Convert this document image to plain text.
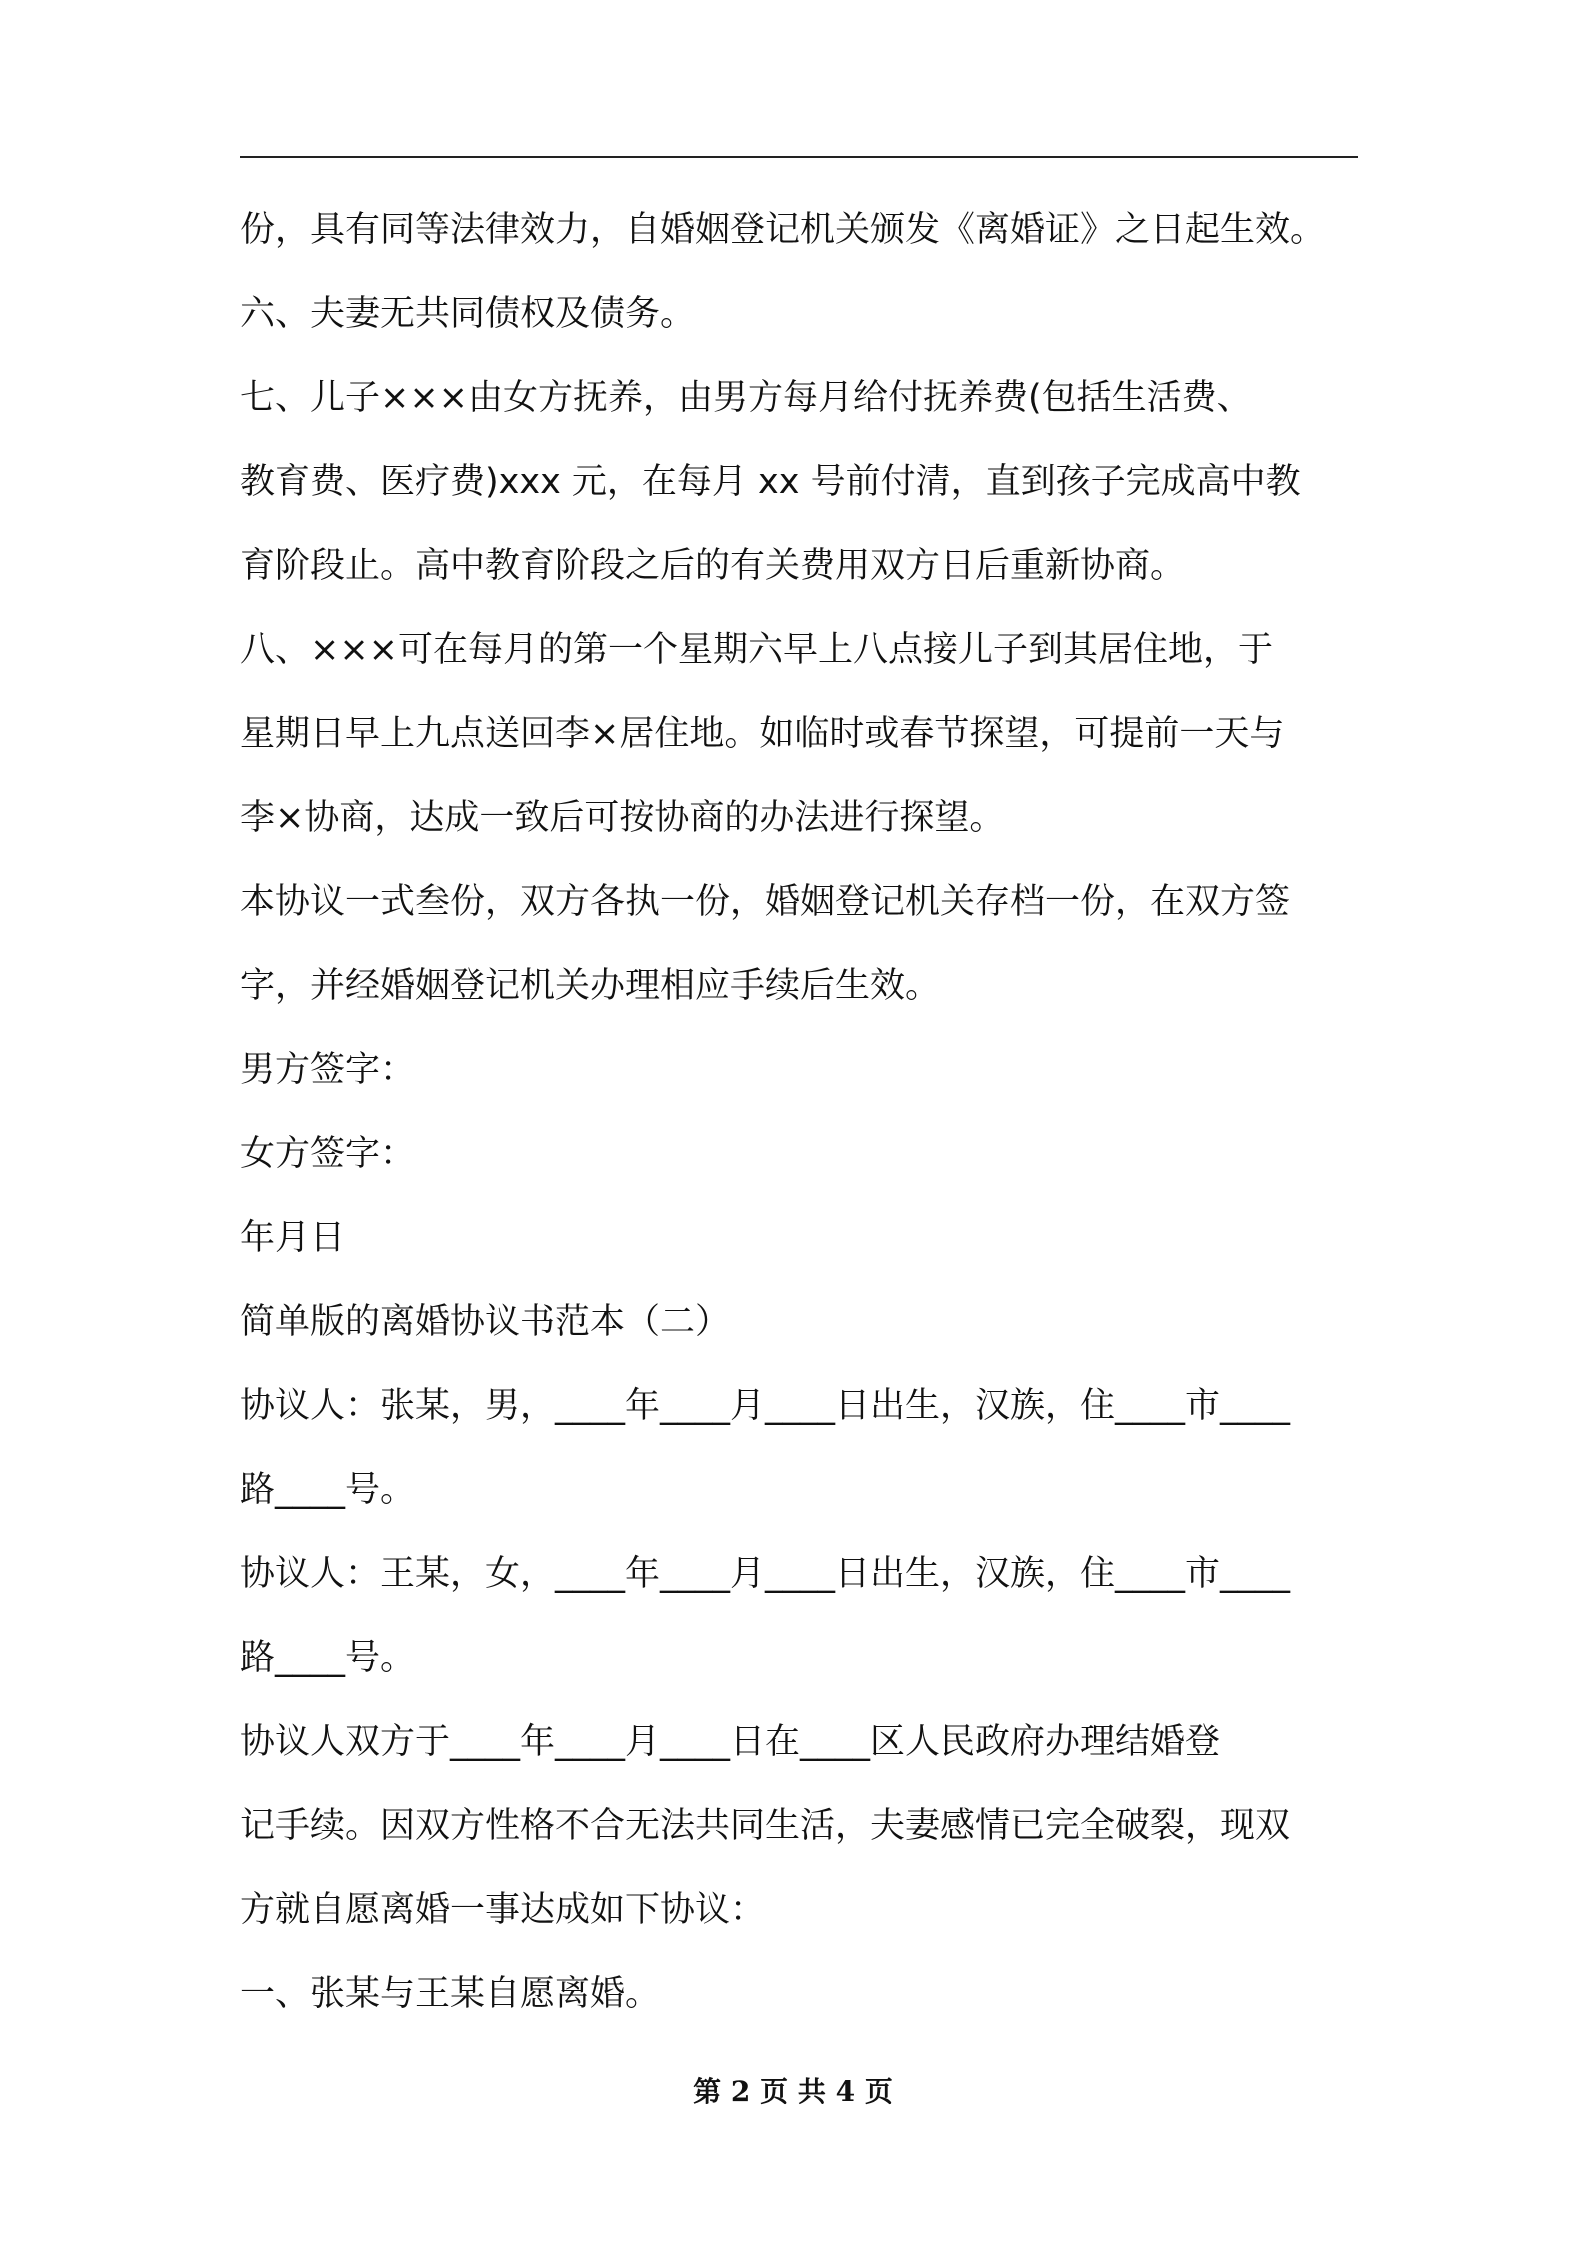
份，具有同等法律效力，自婚姻登记机关颁发《离婚证》之日起生效。
六、夫妻无共同债权及债务。
七、儿子×××由女方抚养，由男方每月给付抚养费(包括生活费、
教育费、医疗费)xxx 元，在每月 xx 号前付清，直到孩子完成高中教
育阶段止。高中教育阶段之后的有关费用双方日后重新协商。
八、×××可在每月的第一个星期六早上八点接儿子到其居住地，于
星期日早上九点送回李×居住地。如临时或春节探望，可提前一天与
李×协商，达成一致后可按协商的办法进行探望。
本协议一式叁份，双方各执一份，婚姻登记机关存档一份，在双方签
字，并经婚姻登记机关办理相应手续后生效。
男方签字：
女方签字：
年月日
简单版的离婚协议书范本（二）
协议人：张某，男，____年____月____日出生，汉族，住____市____
路____号。
协议人：王某，女，____年____月____日出生，汉族，住____市____
路____号。
协议人双方于____年____月____日在____区人民政府办理结婚登
记手续。因双方性格不合无法共同生活，夫妻感情已完全破裂，现双
方就自愿离婚一事达成如下协议：
一、张某与王某自愿离婚。
第 2 页 共 4 页
